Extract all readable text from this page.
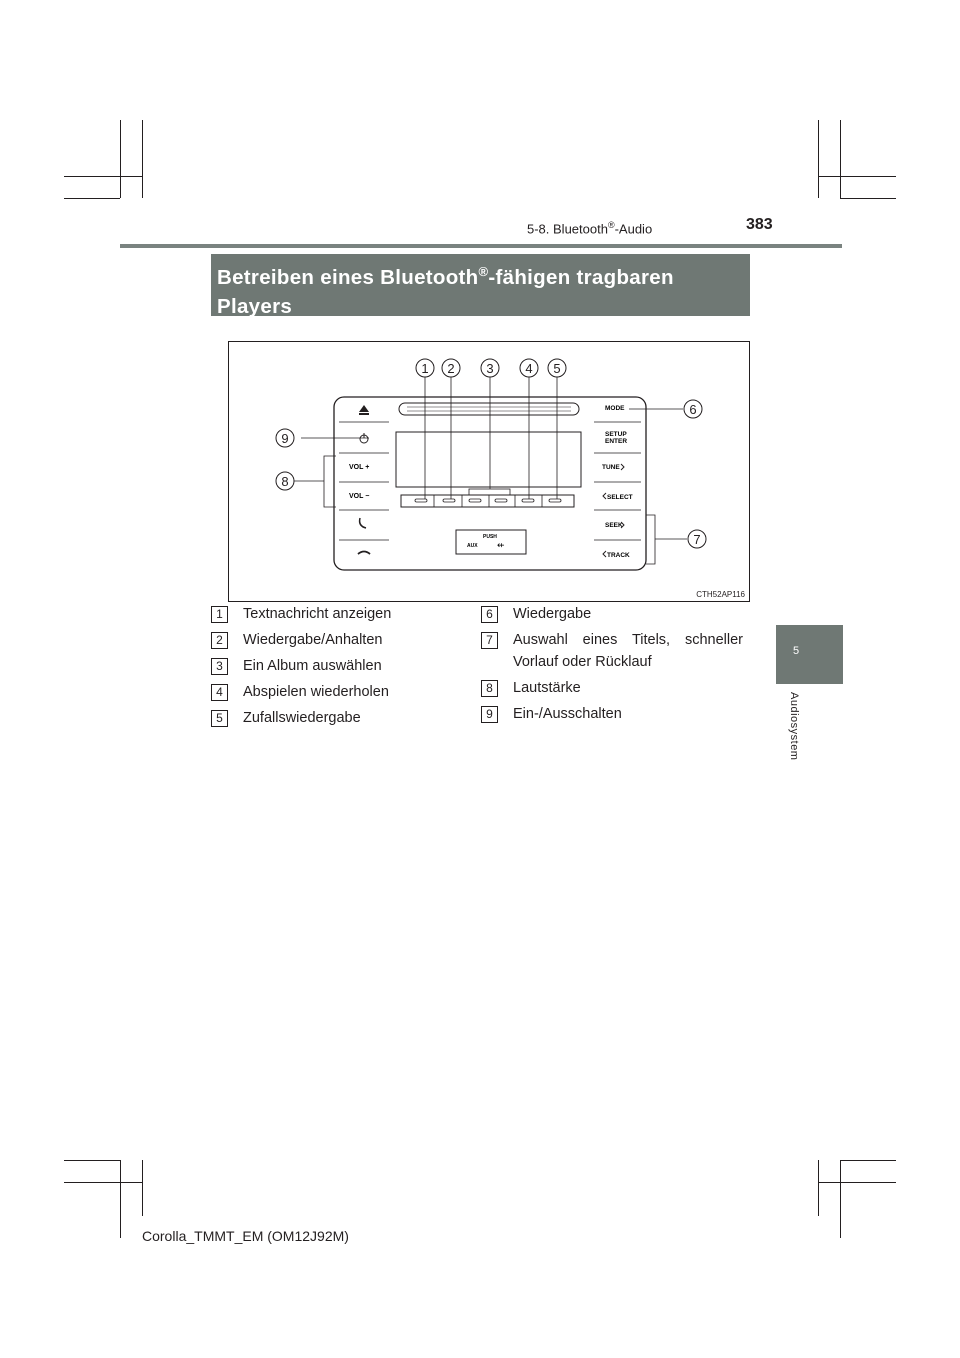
5-8. Bluetooth®-Audio	383
Betreiben eines Bluetooth®-fähigen tragbaren Players
5
Audiosystem
VOL +
VOL −
MODE
SETUP
ENTER
TUNE
SELECT
SEEK
TRACK
PUSH
AUX ⇷
1 2 3 4 5
6
7
8
9
CTH52AP116
1	Textnachricht anzeigen
2	Wiedergabe/Anhalten
3	Ein Album auswählen
4	Abspielen wiederholen
5	Zufallswiedergabe
6	Wiedergabe
7	Auswahl eines Titels, schneller Vorlauf oder Rücklauf
8	Lautstärke
9	Ein-/Ausschalten
Corolla_TMMT_EM (OM12J92M)
